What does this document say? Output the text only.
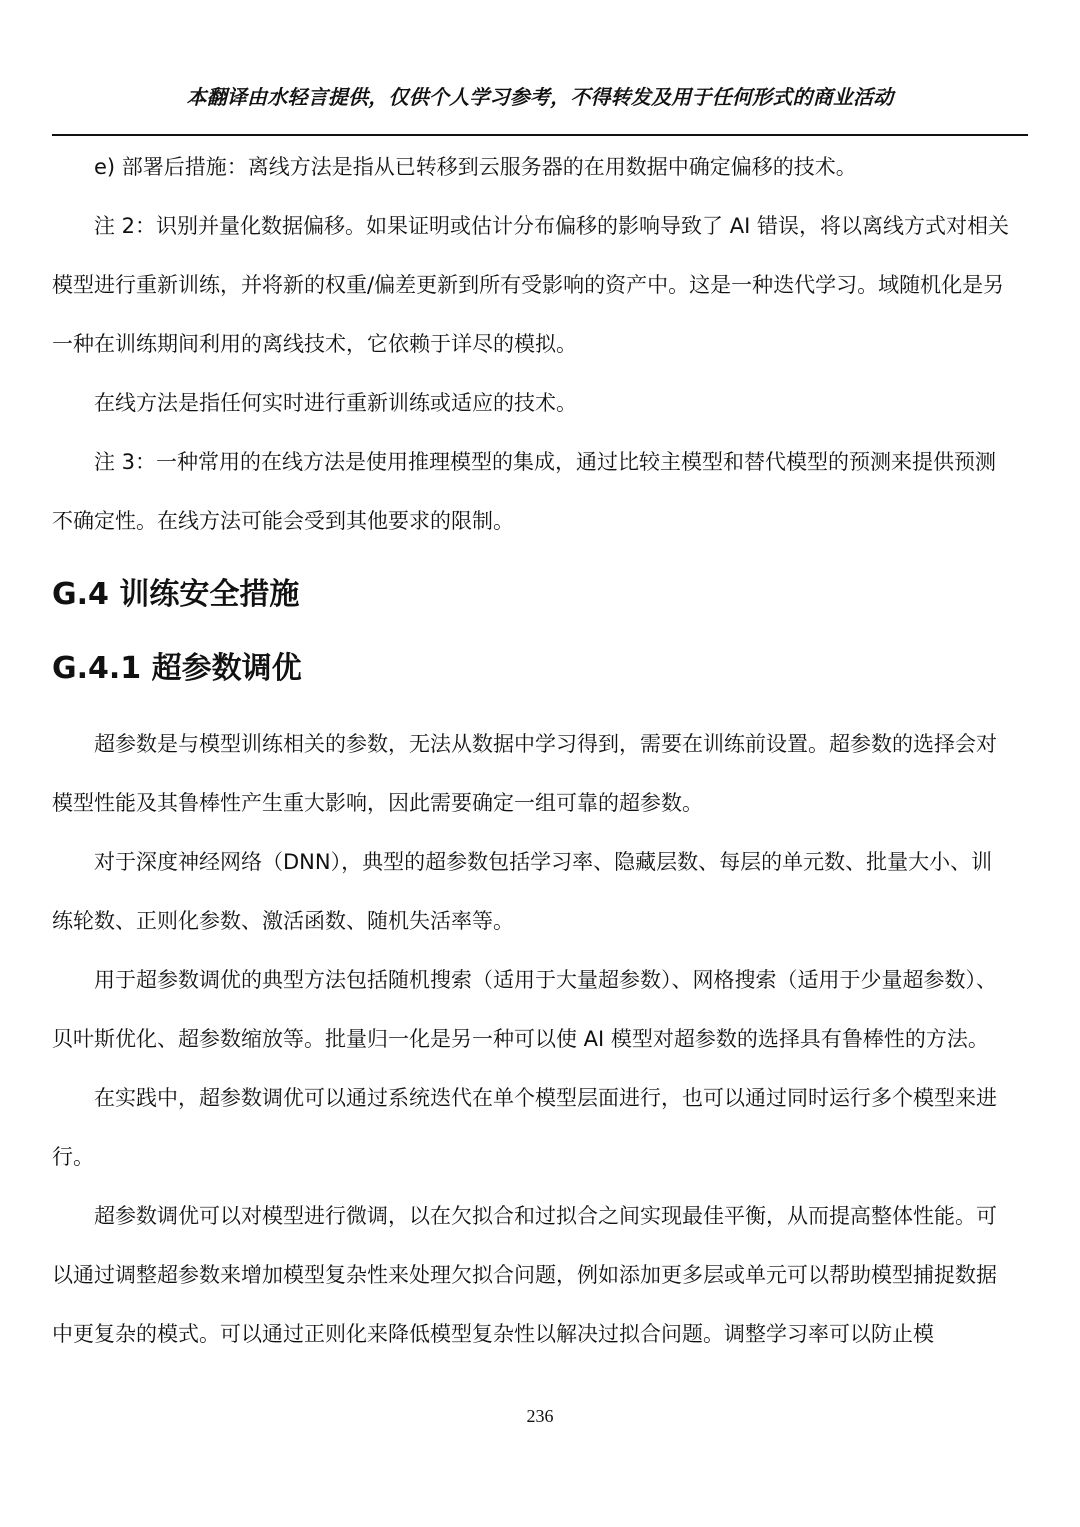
本翻译由水轻言提供，仅供个人学习参考，不得转发及用于任何形式的商业活动

e) 部署后措施：离线方法是指从已转移到云服务器的在用数据中确定偏移的技术。

注 2：识别并量化数据偏移。如果证明或估计分布偏移的影响导致了 AI 错误，将以离线方式对相关模型进行重新训练，并将新的权重/偏差更新到所有受影响的资产中。这是一种迭代学习。域随机化是另一种在训练期间利用的离线技术，它依赖于详尽的模拟。

在线方法是指任何实时进行重新训练或适应的技术。

注 3：一种常用的在线方法是使用推理模型的集成，通过比较主模型和替代模型的预测来提供预测不确定性。在线方法可能会受到其他要求的限制。

G.4 训练安全措施
G.4.1 超参数调优

超参数是与模型训练相关的参数，无法从数据中学习得到，需要在训练前设置。超参数的选择会对模型性能及其鲁棒性产生重大影响，因此需要确定一组可靠的超参数。

对于深度神经网络（DNN），典型的超参数包括学习率、隐藏层数、每层的单元数、批量大小、训练轮数、正则化参数、激活函数、随机失活率等。

用于超参数调优的典型方法包括随机搜索（适用于大量超参数）、网格搜索（适用于少量超参数）、贝叶斯优化、超参数缩放等。批量归一化是另一种可以使 AI 模型对超参数的选择具有鲁棒性的方法。

在实践中，超参数调优可以通过系统迭代在单个模型层面进行，也可以通过同时运行多个模型来进行。

超参数调优可以对模型进行微调，以在欠拟合和过拟合之间实现最佳平衡，从而提高整体性能。可以通过调整超参数来增加模型复杂性来处理欠拟合问题，例如添加更多层或单元可以帮助模型捕捉数据中更复杂的模式。可以通过正则化来降低模型复杂性以解决过拟合问题。调整学习率可以防止模

236
